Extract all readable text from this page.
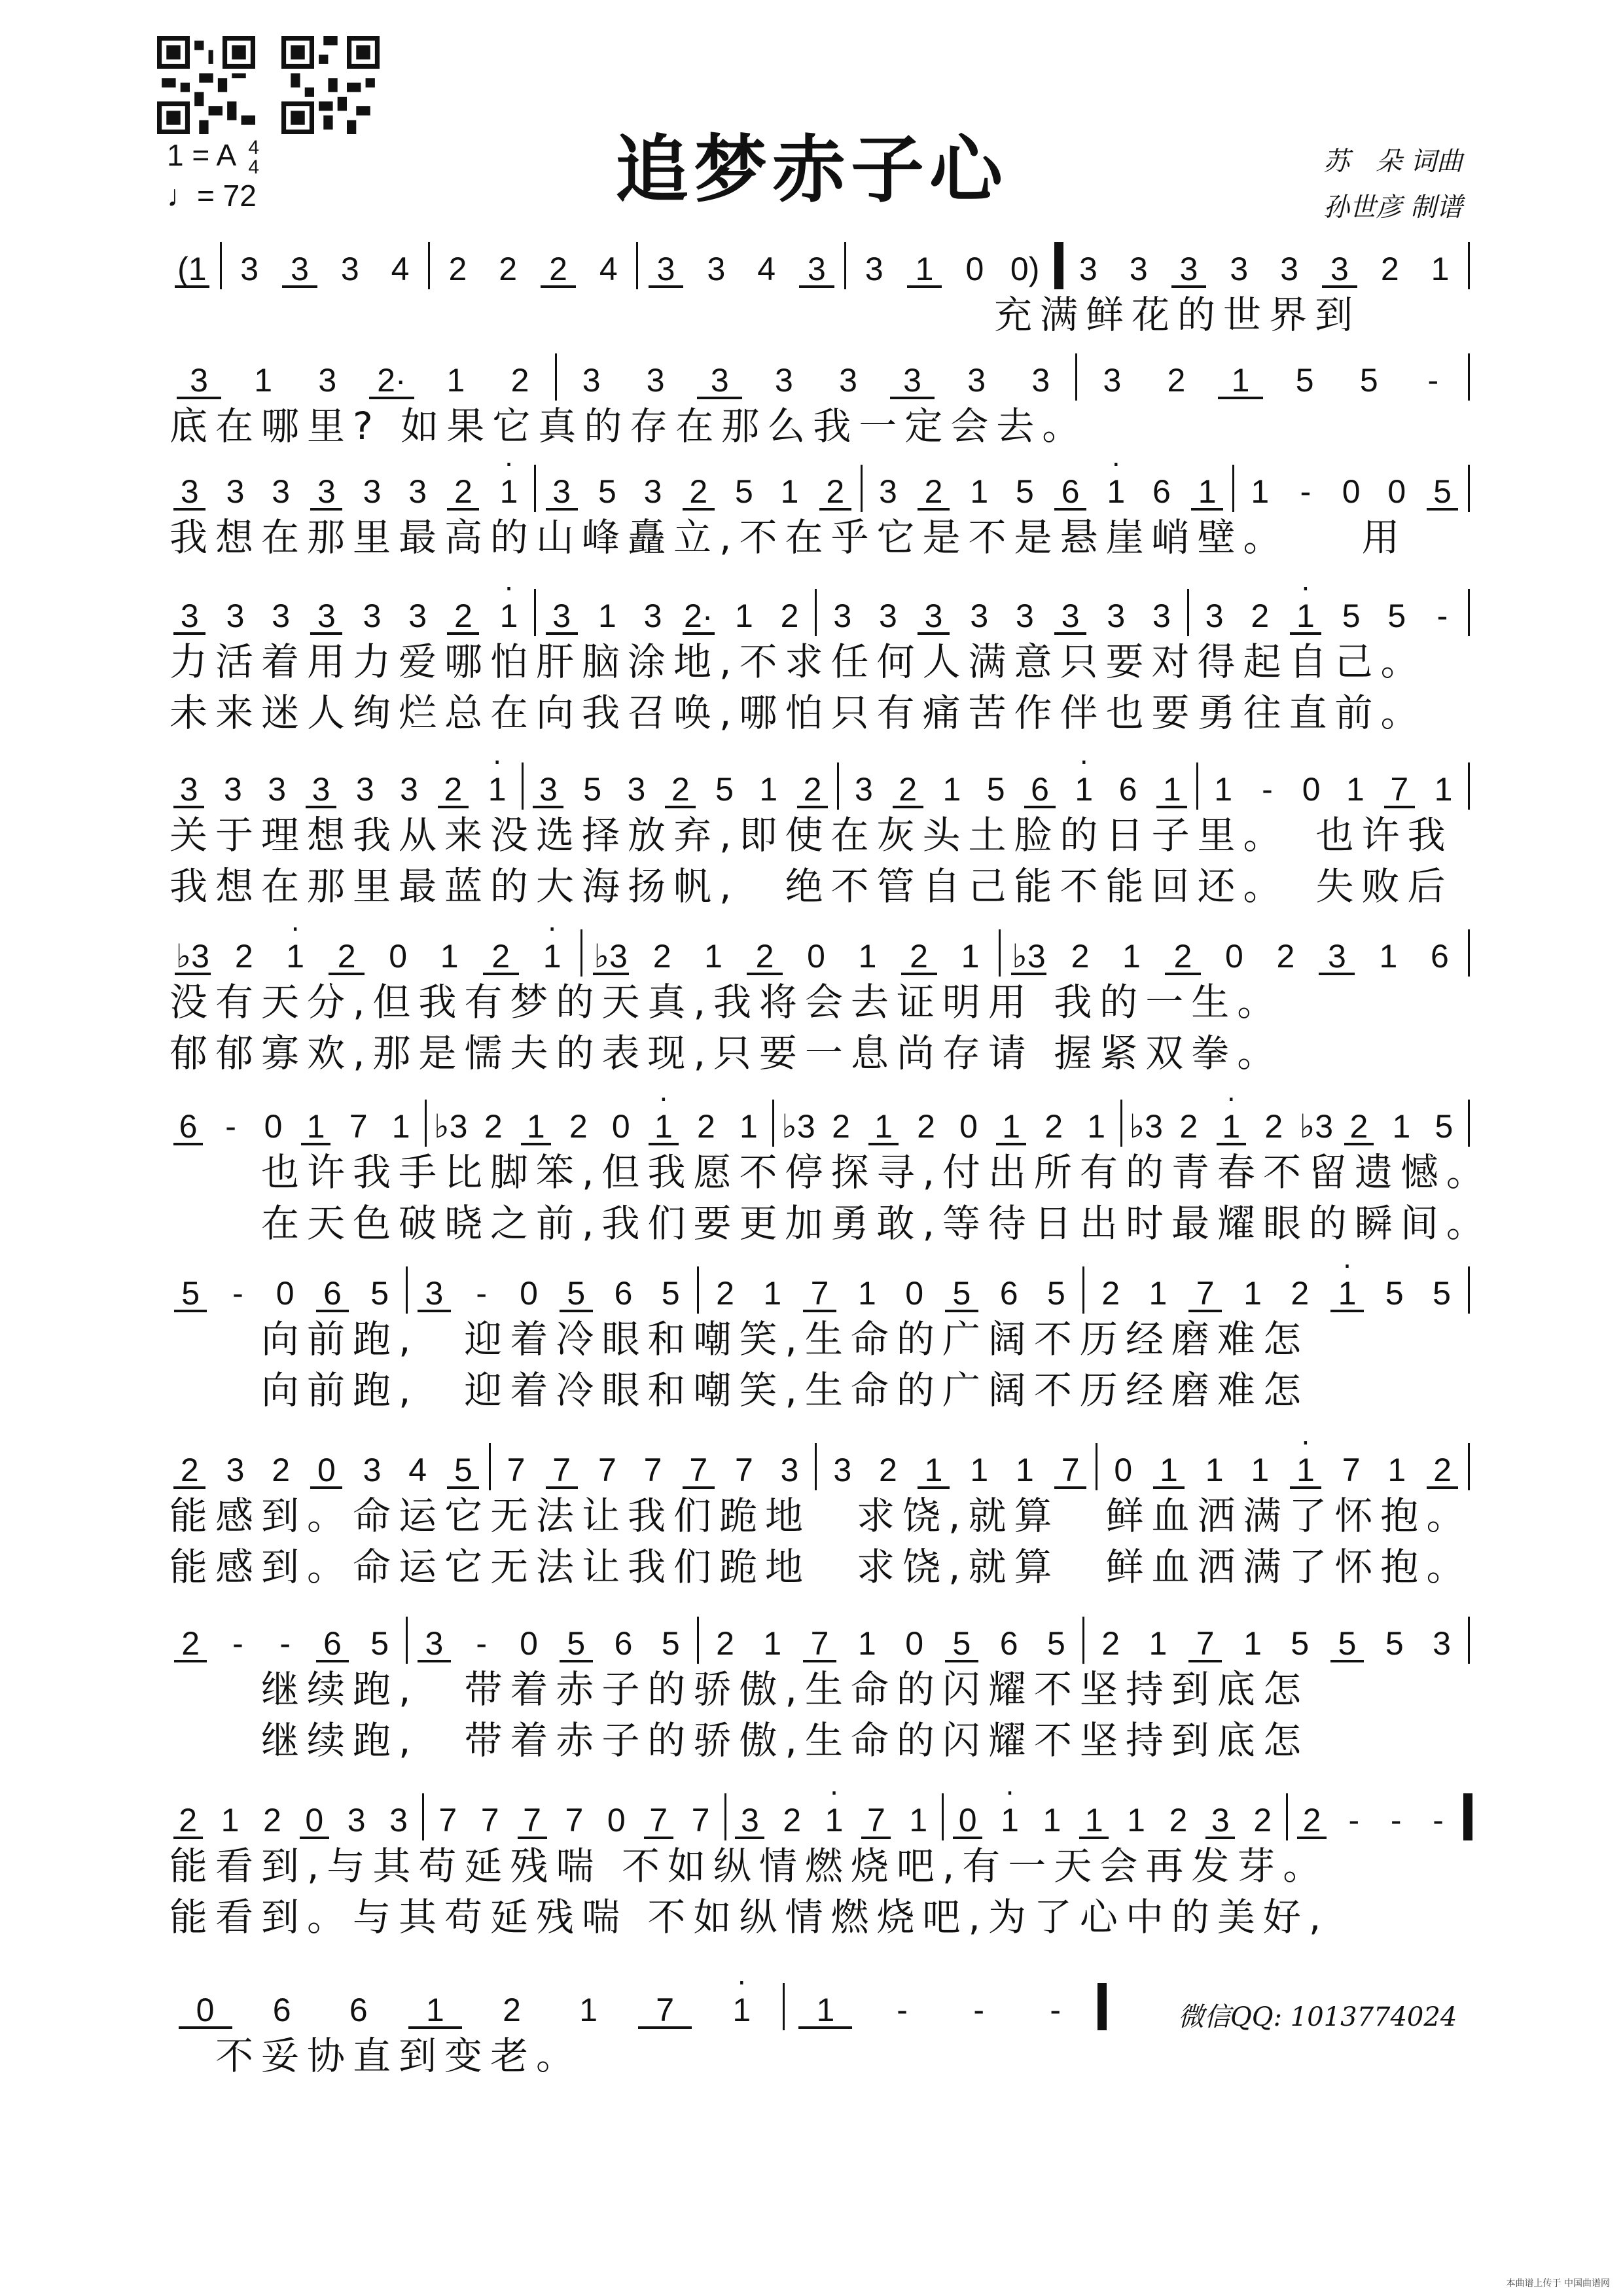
1 = A 4
4
♩= 72	追梦赤子心	苏　朵 词曲
孙世彦 制谱
(1	3 3 3 4	2 2 2 4	3 3 4 3	3 1 0 0)	3 3 3 3 3 3 2 1
　　　　　　　　　　　　　　　　　　充满鲜花的世界到
3	1	3	2·	1	2	3	3	3	3	3	3	3	3	3	2	1	5	5	-
底在哪里? 如果它真的存在那么我一定会去。
3 3 3 3 3 3 2 · 1	3 5 3 2 5 1 2	3 2 1 5 6 · 1 6 1	1 - 0 0 5
我想在那里最高的山峰矗立,不在乎它是不是悬崖峭壁。　　用
3 3 3 3 3 3 2 · 1	3 1 3 2· 1 2	3 3 3 3 3 3 3 3	3 2 · 1 5 5 -
力活着用力爱哪怕肝脑涂地,不求任何人满意只要对得起自己。
未来迷人绚烂总在向我召唤,哪怕只有痛苦作伴也要勇往直前。
3 3 3 3 3 3 2 · 1	3 5 3 2 5 1 2	3 2 1 5 6 · 1 6 1	1 - 0 1 7 1
关于理想我从来没选择放弃,即使在灰头土脸的日子里。　也许我
我想在那里最蓝的大海扬帆,　绝不管自己能不能回还。　失败后
♭3 2	· 1	2	0	1	2	· 1 ♭3 2	1	2	0	1	2	1 ♭3 2	1	2	0	2	3	1	6
没有天分,但我有梦的天真,我将会去证明用 我的一生。
郁郁寡欢,那是懦夫的表现,只要一息尚存请 握紧双拳。
6 - 0 1 7 1 ♭3 2 1 2 0 · 1 2 1 ♭3 2 1 2 0 1 2 1 ♭3 2 · 1 2 ♭3 2 1 5
　　也许我手比脚笨,但我愿不停探寻,付出所有的青春不留遗憾。
　　在天色破晓之前,我们要更加勇敢,等待日出时最耀眼的瞬间。
5	-	0 6 5	3	-	0 5 6 5	2 1 7 1 0 5 6 5	2 1 7 1 2 · 1 5 5
　　向前跑,　迎着冷眼和嘲笑,生命的广阔不历经磨难怎
　　向前跑,　迎着冷眼和嘲笑,生命的广阔不历经磨难怎
2 3 2 0 3 4 5	7 7 7 7 7 7 3	3 2 1 1 1 7	0 1 1 1 · 1 7 1 2
能感到。命运它无法让我们跪地　求饶,就算　鲜血洒满了怀抱。
能感到。命运它无法让我们跪地　求饶,就算　鲜血洒满了怀抱。
2	-	-	6 5	3	-	0 5 6 5	2 1 7 1 0 5 6 5	2 1 7 1 5 5 5 3
　　继续跑,　带着赤子的骄傲,生命的闪耀不坚持到底怎
　　继续跑,　带着赤子的骄傲,生命的闪耀不坚持到底怎
2 1 2 0 3 3 7 7 7 7 0 7 7 3 2 · 1 7 1 0 · 1 1 1 1 2 3 2 2 - - -
能看到,与其苟延残喘 不如纵情燃烧吧,有一天会再发芽。
能看到。与其苟延残喘 不如纵情燃烧吧,为了心中的美好,
0	6	6	1	2	1	7	· 1	1	-	-	-
　不妥协直到变老。
微信QQ: 1013774024
本曲谱上传于 中国曲谱网
